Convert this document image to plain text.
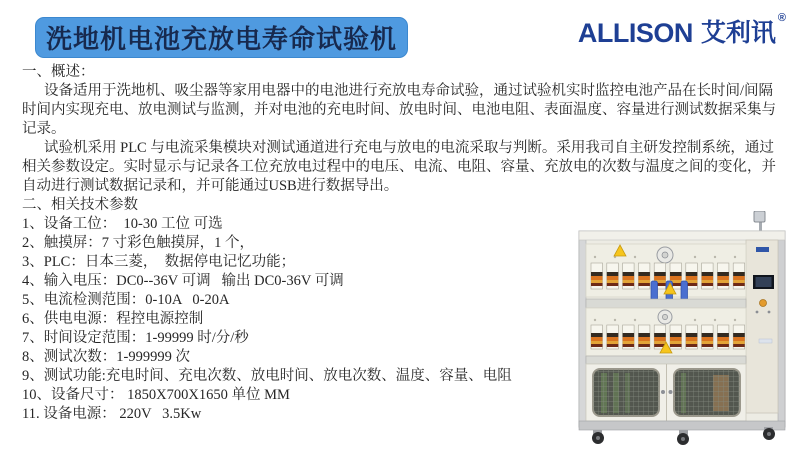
洗地机电池充放电寿命试验机	ALLISON 艾利讯
®
一、概述：
设备适用于洗地机、吸尘器等家用电器中的电池进行充放电寿命试验，通过试验机实时监控电池产品在长时间/间隔
时间内实现充电、放电测试与监测，并对电池的充电时间、放电时间、电池电阻、表面温度、容量进行测试数据采集与
记录。
试验机采用 PLC 与电流采集模块对测试通道进行充电与放电的电流采取与判断。采用我司自主研发控制系统，通过
相关参数设定。实时显示与记录各工位充放电过程中的电压、电流、电阻、容量、充放电的次数与温度之间的变化，并
自动进行测试数据记录和，并可能通过USB进行数据导出。
二、相关技术参数
1、设备工位：  10-30 工位 可选
2、触摸屏：7 寸彩色触摸屏，1 个，
3、PLC：日本三菱，  数据停电记忆功能；
4、输入电压：DC0--36V 可调   输出 DC0-36V 可调
5、电流检测范围：0-10A   0-20A
6、供电电源：程控电源控制
7、时间设定范围：1-99999 时/分/秒
8、测试次数：1-999999 次
9、测试功能:充电时间、充电次数、放电时间、放电次数、温度、容量、电阻
10、设备尺寸： 1850X700X1650 单位 MM
11. 设备电源： 220V   3.5Kw
